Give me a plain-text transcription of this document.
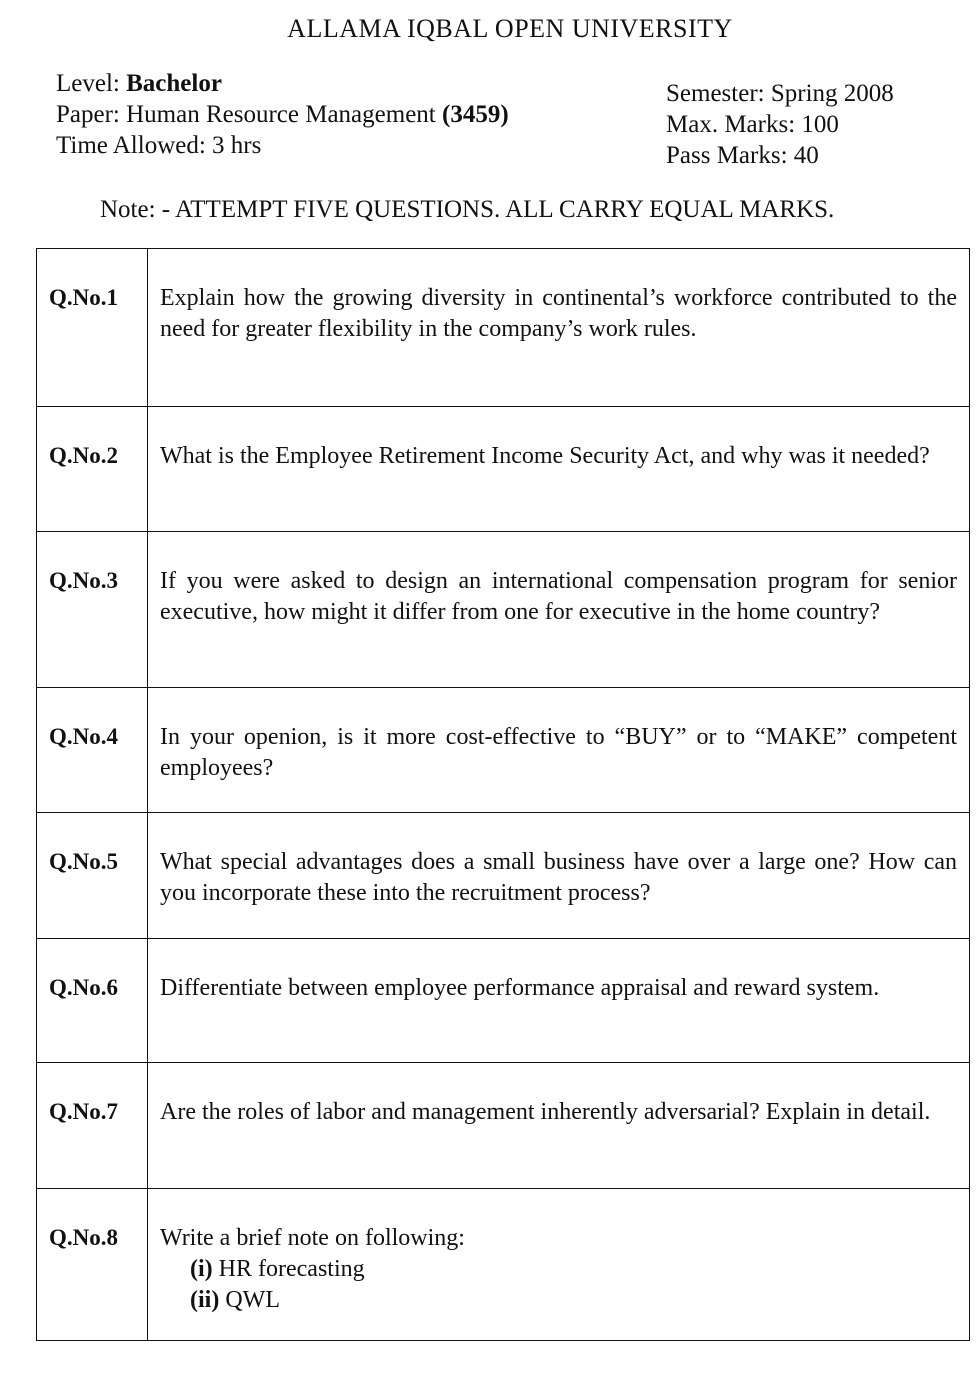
ALLAMA IQBAL OPEN UNIVERSITY
Level: Bachelor
Paper: Human Resource Management (3459)
Time Allowed: 3 hrs
Semester: Spring 2008
Max. Marks: 100
Pass Marks: 40
Note: - ATTEMPT FIVE QUESTIONS. ALL CARRY EQUAL MARKS.
Q.No.1	Explain how the growing diversity in continental’s workforce contributed to the need for greater flexibility in the company’s work rules.
Q.No.2	What is the Employee Retirement Income Security Act, and why was it needed?
Q.No.3	If you were asked to design an international compensation program for senior executive, how might it differ from one for executive in the home country?
Q.No.4	In your openion, is it more cost-effective to “BUY” or to “MAKE” competent employees?
Q.No.5	What special advantages does a small business have over a large one? How can you incorporate these into the recruitment process?
Q.No.6	Differentiate between employee performance appraisal and reward system.
Q.No.7	Are the roles of labor and management inherently adversarial? Explain in detail.
Q.No.8	Write a brief note on following:
(i) HR forecasting
(ii) QWL
